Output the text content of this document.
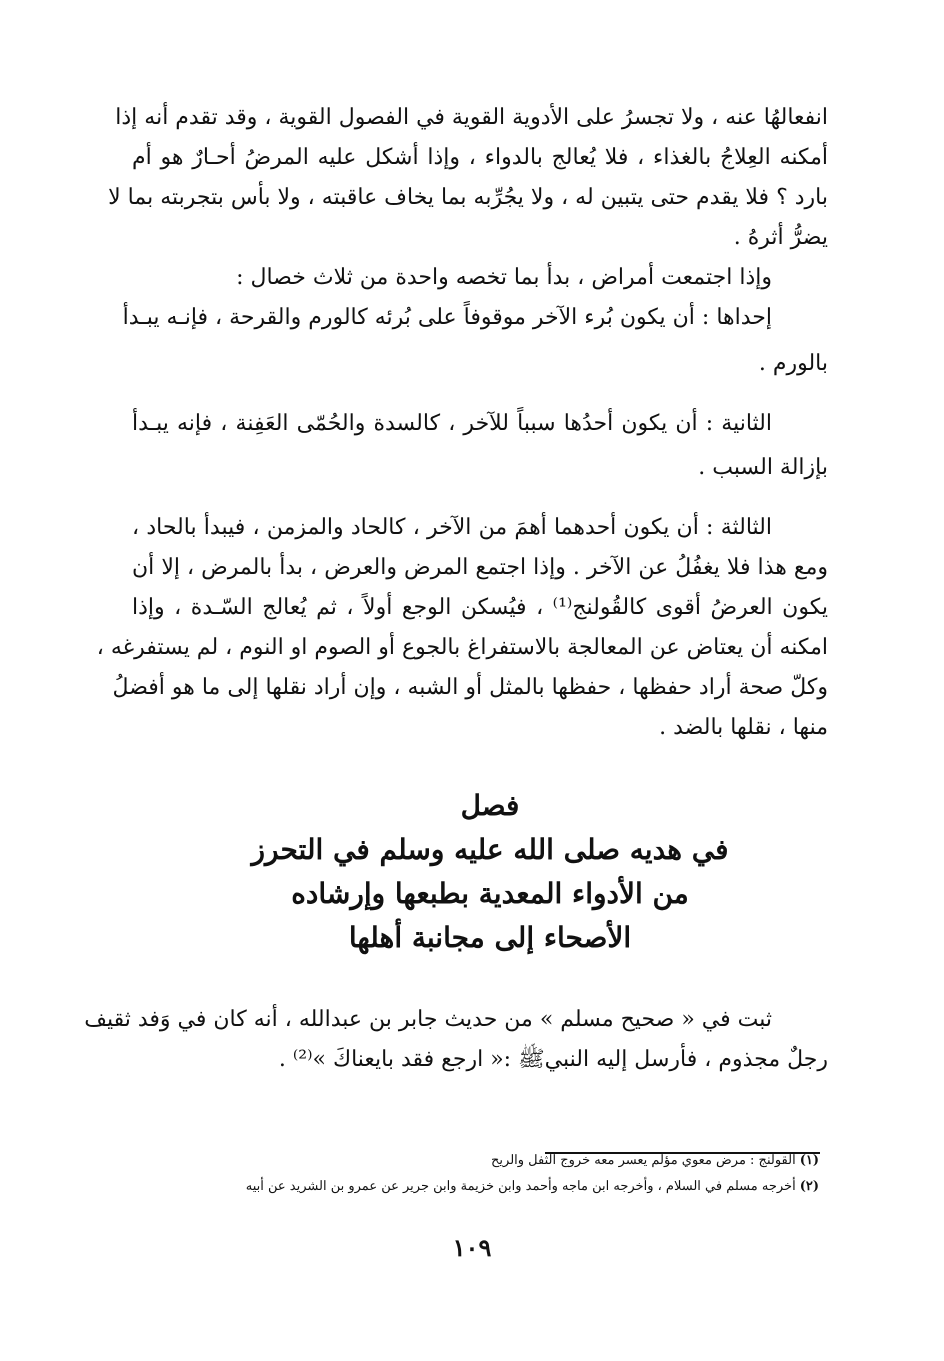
انفعالهُا عنه ، ولا تجسرُ على الأدوية القوية في الفصول القوية ، وقد تقدم أنه إذا
أمكنه العِلاجُ بالغذاء ، فلا يُعالج بالدواء ، وإذا أشكل عليه المرضُ أحـارٌ هو أم
بارد ؟ فلا يقدم حتى يتبين له ، ولا يجُرِّبه بما يخاف عاقبته ، ولا بأس بتجربته بما لا
يضرُّ أثرهُ .
وإذا اجتمعت أمراض ، بدأ بما تخصه واحدة من ثلاث خصال :
إحداها : أن يكون بُرء الآخر موقوفاً على بُرئه كالورم والقرحة ، فإنـه يبـدأ
بالورم .
الثانية : أن يكون أحدُها سبباً للآخر ، كالسدة والحُمّى العَفِنة ، فإنه يبـدأ
بإزالة السبب .
الثالثة : أن يكون أحدهما أهمَ من الآخر ، كالحاد والمزمن ، فيبدأ بالحاد ،
ومع هذا فلا يغفُلُ عن الآخر . وإذا اجتمع المرض والعرض ، بدأ بالمرض ، إلا أن
يكون العرضُ أقوى كالقُولنج⁽¹⁾ ، فيُسكن الوجع أولاً ، ثم يُعالج السّـدة ، وإذا
امكنه أن يعتاض عن المعالجة بالاستفراغ بالجوع أو الصوم او النوم ، لم يستفرغه ،
وكلّ صحة أراد حفظها ، حفظها بالمثل أو الشبه ، وإن أراد نقلها إلى ما هو أفضلُ
منها ، نقلها بالضد .
فصل
في هديه صلى الله عليه وسلم في التحرز
من الأدواء المعدية بطبعها وإرشاده
الأصحاء إلى مجانبة أهلها
ثبت في « صحيح مسلم » من حديث جابر بن عبدالله ، أنه كان في وَفد ثقيف
رجلٌ مجذوم ، فأرسل إليه النبيﷺ :« ارجع فقد بايعناكَ »⁽²⁾ .
(١)القولنج : مرض معوي مؤلم يعسر معه خروج الثفل والريح
(٢)أخرجه مسلم في السلام ، وأخرجه ابن ماجه وأحمد وابن خزيمة وابن جرير عن عمرو بن الشريد عن أبيه
١٠٩
